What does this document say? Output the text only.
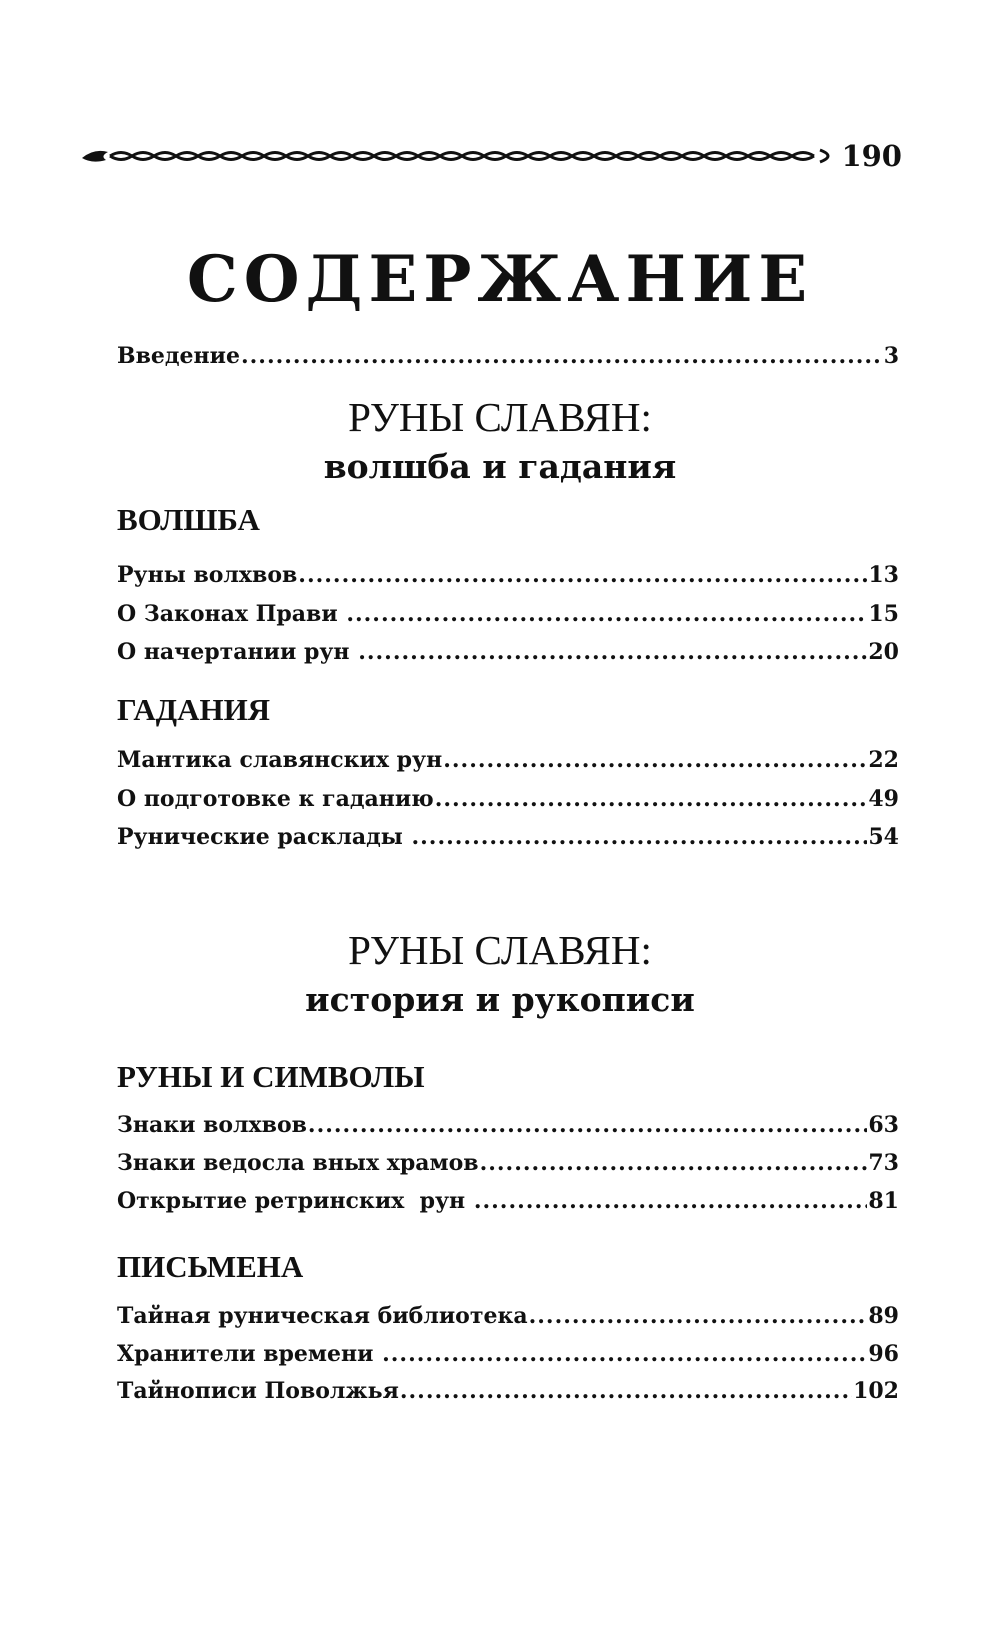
190
СОДЕРЖАНИЕ
Введение .....	3
РУНЫ СЛАВЯН:
волшба и гадания
ВОЛШБА
Руны волхвов .....	13
О Законах Прави .....	15
О начертании рун .....	20
ГАДАНИЯ
Мантика славянских рун .....	22
О подготовке к гаданию .....	49
Рунические расклады .....	54
РУНЫ СЛАВЯН:
история и рукописи
РУНЫ И СИМВОЛЫ
Знаки волхвов .....	63
Знаки ведосла вных храмов .....	73
Открытие ретринских  рун .....	81
ПИСЬМЕНА
Тайная руническая библиотека .....	89
Хранители времени .....	96
Тайнописи Поволжья .....	102
